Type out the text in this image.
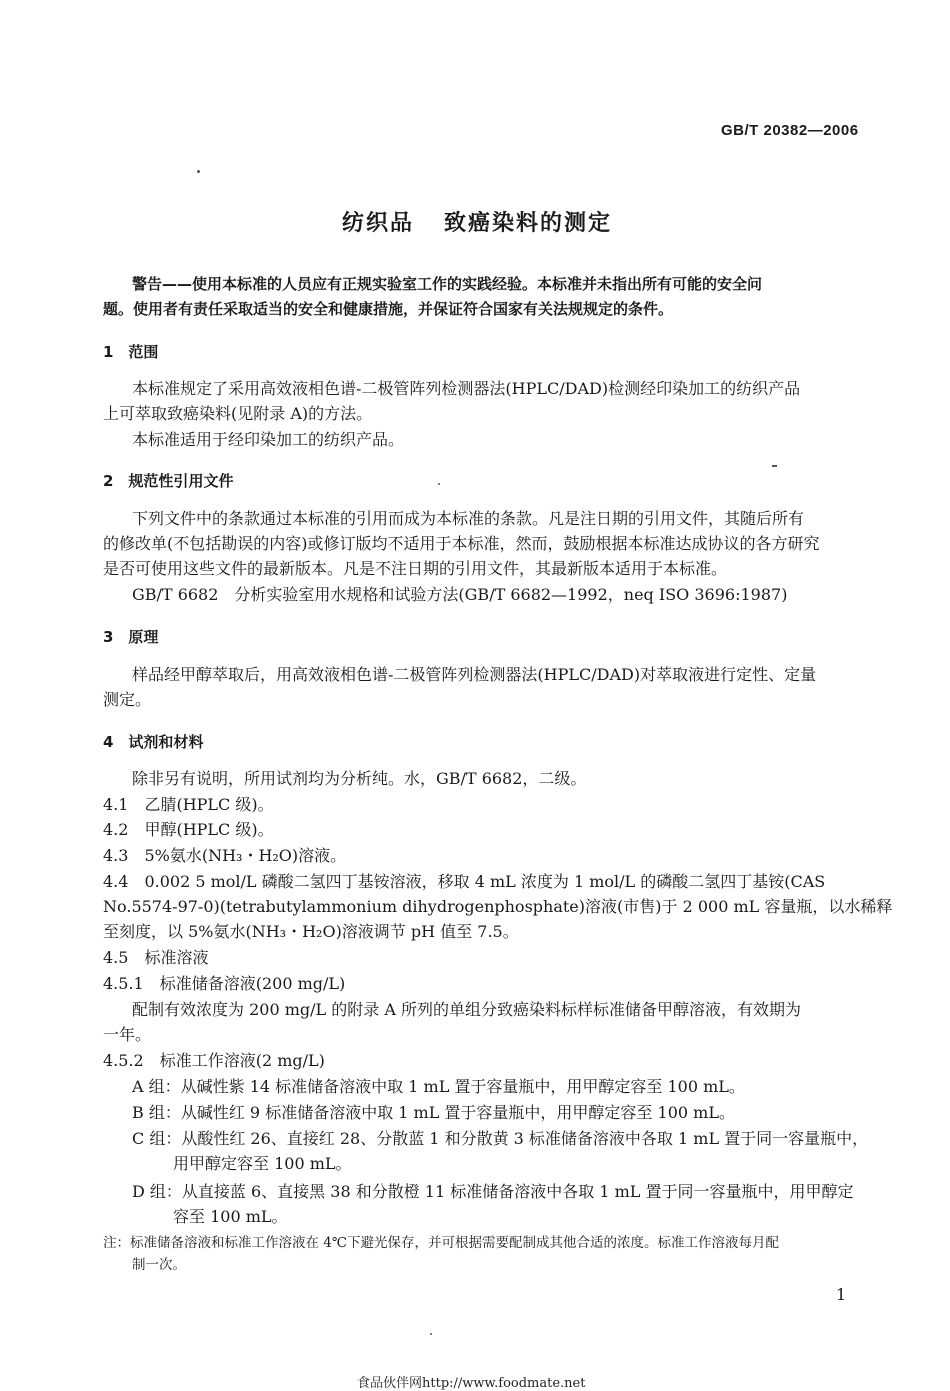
GB/T 20382—2006
纺织品 致癌染料的测定
警告——使用本标准的人员应有正规实验室工作的实践经验。本标准并未指出所有可能的安全问
题。使用者有责任采取适当的安全和健康措施，并保证符合国家有关法规规定的条件。
1　范围
本标准规定了采用高效液相色谱-二极管阵列检测器法(HPLC/DAD)检测经印染加工的纺织产品
上可萃取致癌染料(见附录 A)的方法。
本标准适用于经印染加工的纺织产品。
2　规范性引用文件
下列文件中的条款通过本标准的引用而成为本标准的条款。凡是注日期的引用文件，其随后所有
的修改单(不包括勘误的内容)或修订版均不适用于本标准，然而，鼓励根据本标准达成协议的各方研究
是否可使用这些文件的最新版本。凡是不注日期的引用文件，其最新版本适用于本标准。
GB/T 6682　分析实验室用水规格和试验方法(GB/T 6682—1992，neq ISO 3696:1987)
3　原理
样品经甲醇萃取后，用高效液相色谱-二极管阵列检测器法(HPLC/DAD)对萃取液进行定性、定量
测定。
4　试剂和材料
除非另有说明，所用试剂均为分析纯。水，GB/T 6682，二级。
4.1　乙腈(HPLC 级)。
4.2　甲醇(HPLC 级)。
4.3　5%氨水(NH₃・H₂O)溶液。
4.4　0.002 5 mol/L 磷酸二氢四丁基铵溶液，移取 4 mL 浓度为 1 mol/L 的磷酸二氢四丁基铵(CAS
No.5574-97-0)(tetrabutylammonium dihydrogenphosphate)溶液(市售)于 2 000 mL 容量瓶，以水稀释
至刻度，以 5%氨水(NH₃・H₂O)溶液调节 pH 值至 7.5。
4.5　标准溶液
4.5.1　标准储备溶液(200 mg/L)
配制有效浓度为 200 mg/L 的附录 A 所列的单组分致癌染料标样标准储备甲醇溶液，有效期为
一年。
4.5.2　标准工作溶液(2 mg/L)
A 组：从碱性紫 14 标准储备溶液中取 1 mL 置于容量瓶中，用甲醇定容至 100 mL。
B 组：从碱性红 9 标准储备溶液中取 1 mL 置于容量瓶中，用甲醇定容至 100 mL。
C 组：从酸性红 26、直接红 28、分散蓝 1 和分散黄 3 标准储备溶液中各取 1 mL 置于同一容量瓶中，
用甲醇定容至 100 mL。
D 组：从直接蓝 6、直接黑 38 和分散橙 11 标准储备溶液中各取 1 mL 置于同一容量瓶中，用甲醇定
容至 100 mL。
注：标准储备溶液和标准工作溶液在 4℃下避光保存，并可根据需要配制成其他合适的浓度。标准工作溶液每月配
制一次。
1
食品伙伴网http://www.foodmate.net
